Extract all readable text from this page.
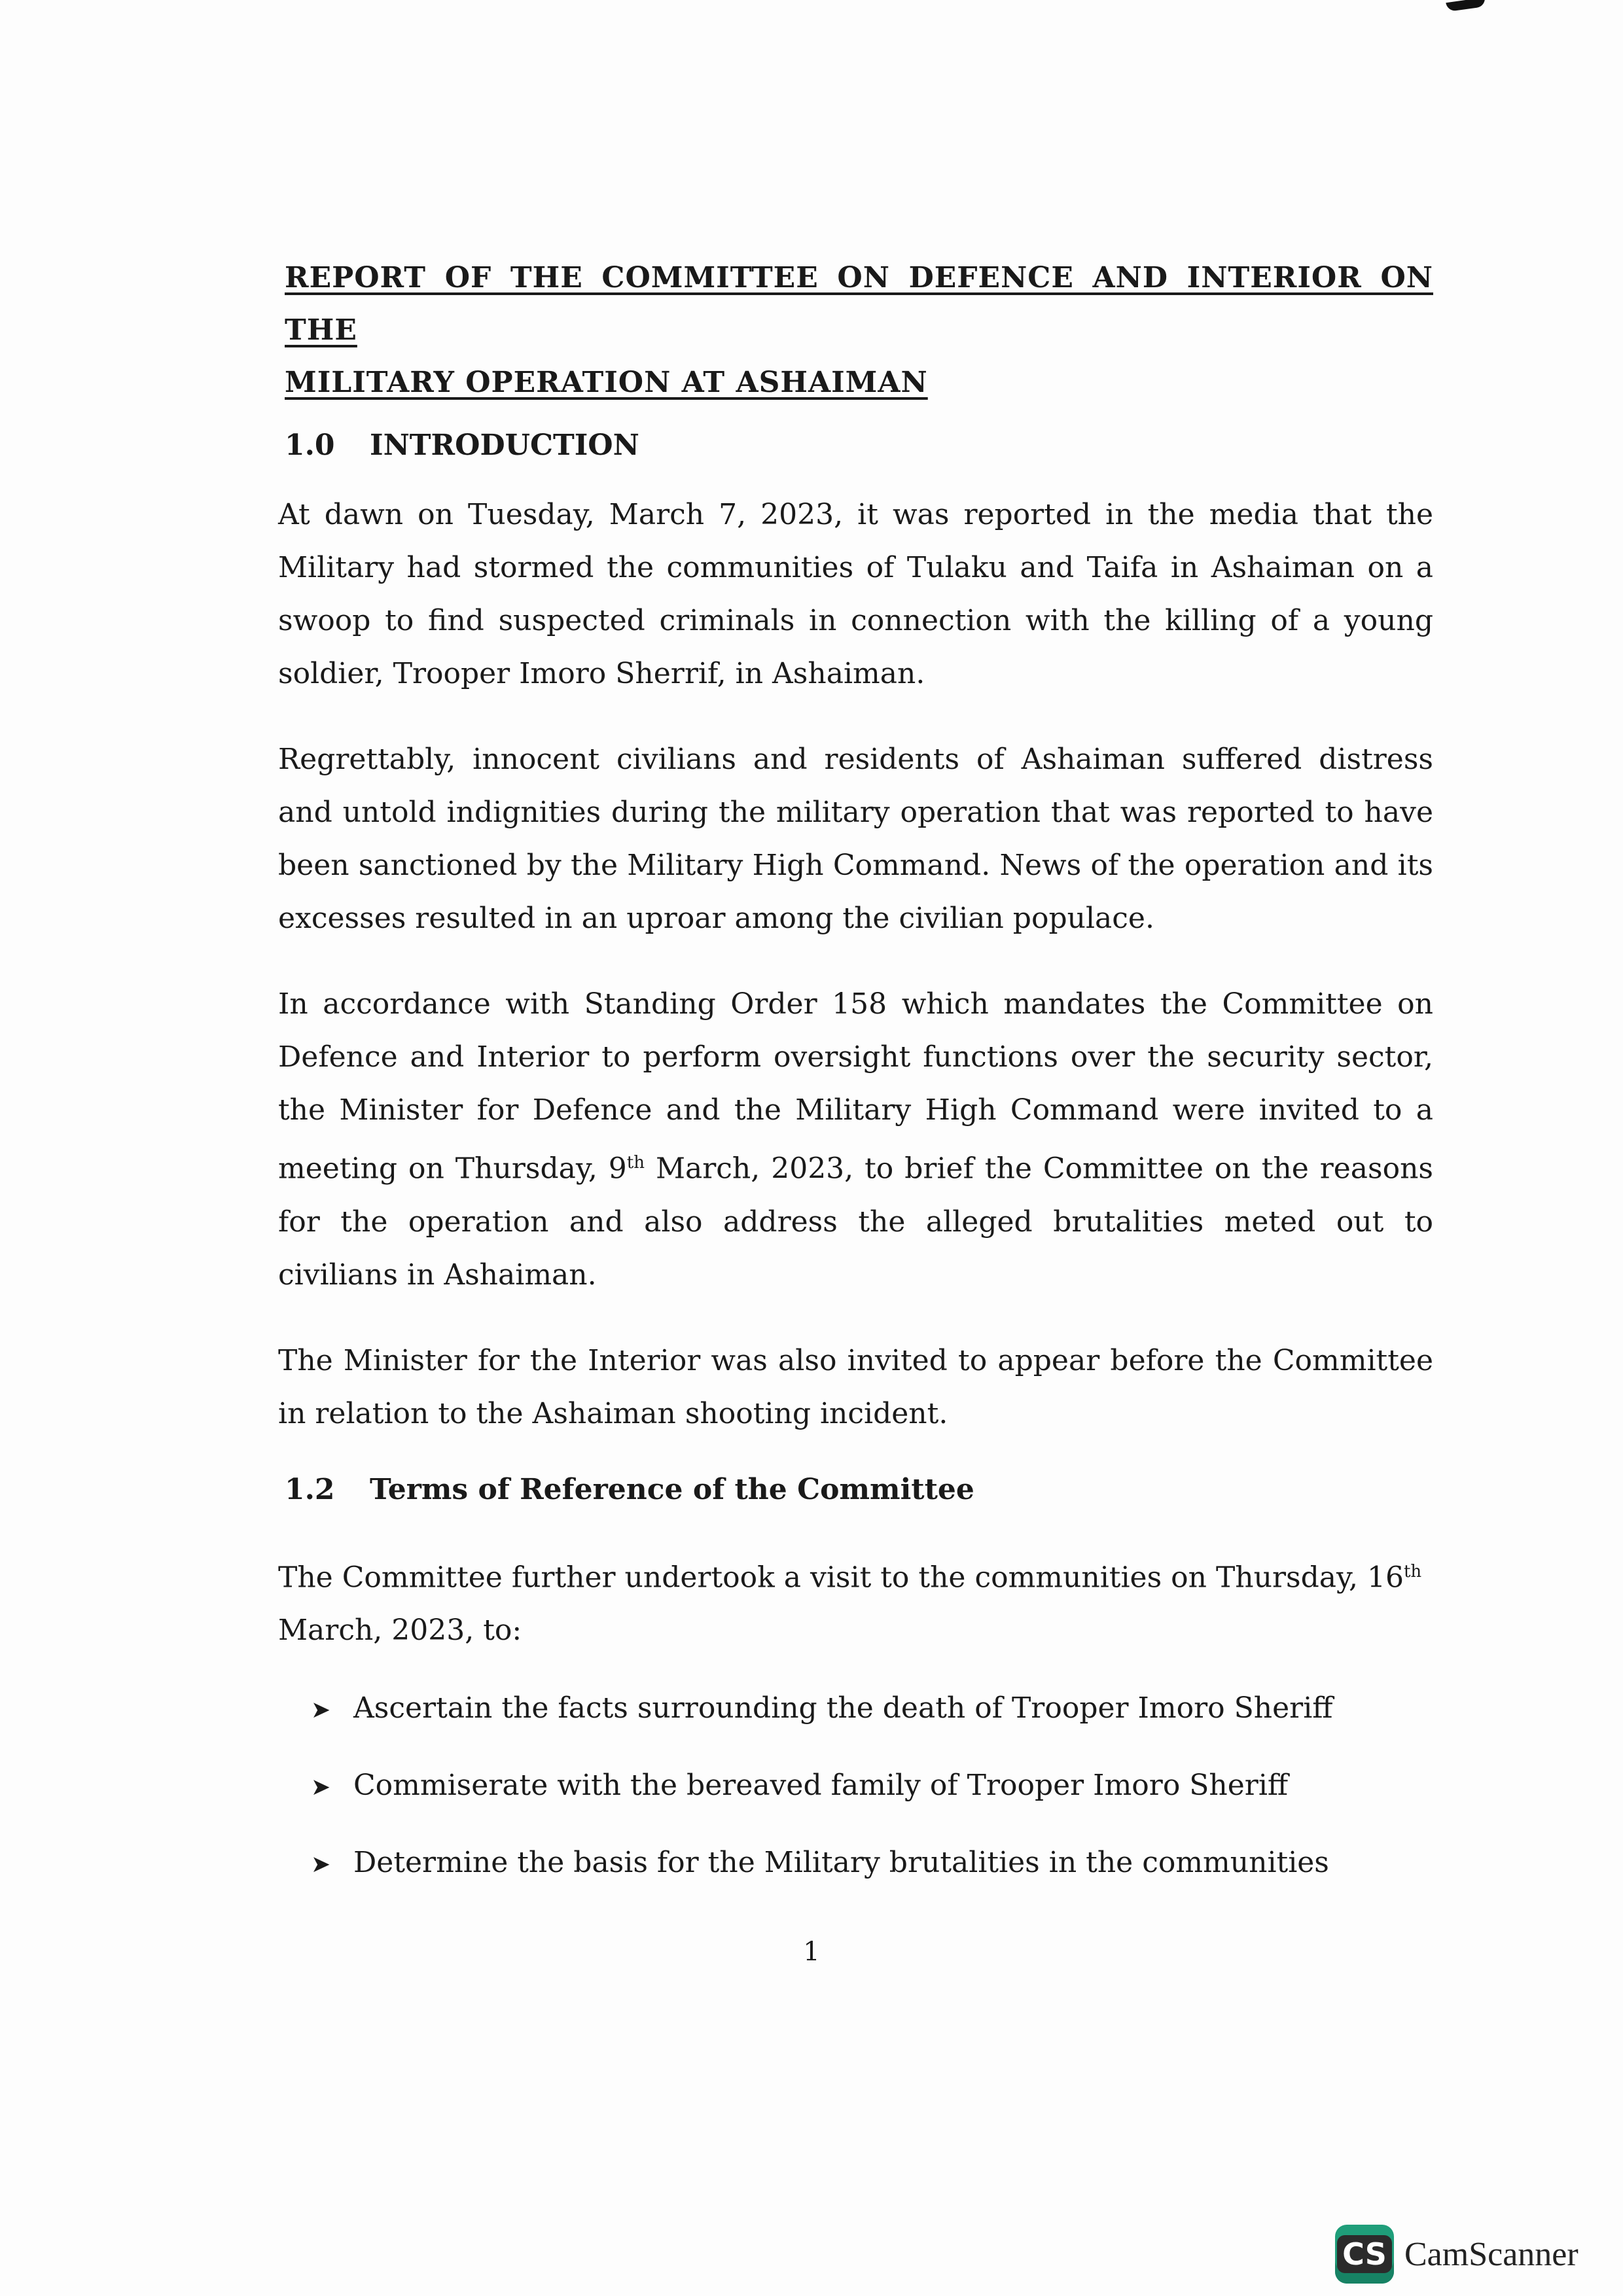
REPORT OF THE COMMITTEE ON DEFENCE AND INTERIOR ON THE
MILITARY OPERATION AT ASHAIMAN
1.0 INTRODUCTION

At dawn on Tuesday, March 7, 2023, it was reported in the media that the Military had stormed the communities of Tulaku and Taifa in Ashaiman on a swoop to find suspected criminals in connection with the killing of a young soldier, Trooper Imoro Sherrif, in Ashaiman.

Regrettably, innocent civilians and residents of Ashaiman suffered distress and untold indignities during the military operation that was reported to have been sanctioned by the Military High Command. News of the operation and its excesses resulted in an uproar among the civilian populace.

In accordance with Standing Order 158 which mandates the Committee on Defence and Interior to perform oversight functions over the security sector, the Minister for Defence and the Military High Command were invited to a meeting on Thursday, 9th March, 2023, to brief the Committee on the reasons for the operation and also address the alleged brutalities meted out to civilians in Ashaiman.

The Minister for the Interior was also invited to appear before the Committee in relation to the Ashaiman shooting incident.

1.2 Terms of Reference of the Committee

The Committee further undertook a visit to the communities on Thursday, 16th March, 2023, to:

➤ Ascertain the facts surrounding the death of Trooper Imoro Sheriff
➤ Commiserate with the bereaved family of Trooper Imoro Sheriff
➤ Determine the basis for the Military brutalities in the communities
1
CS CamScanner
